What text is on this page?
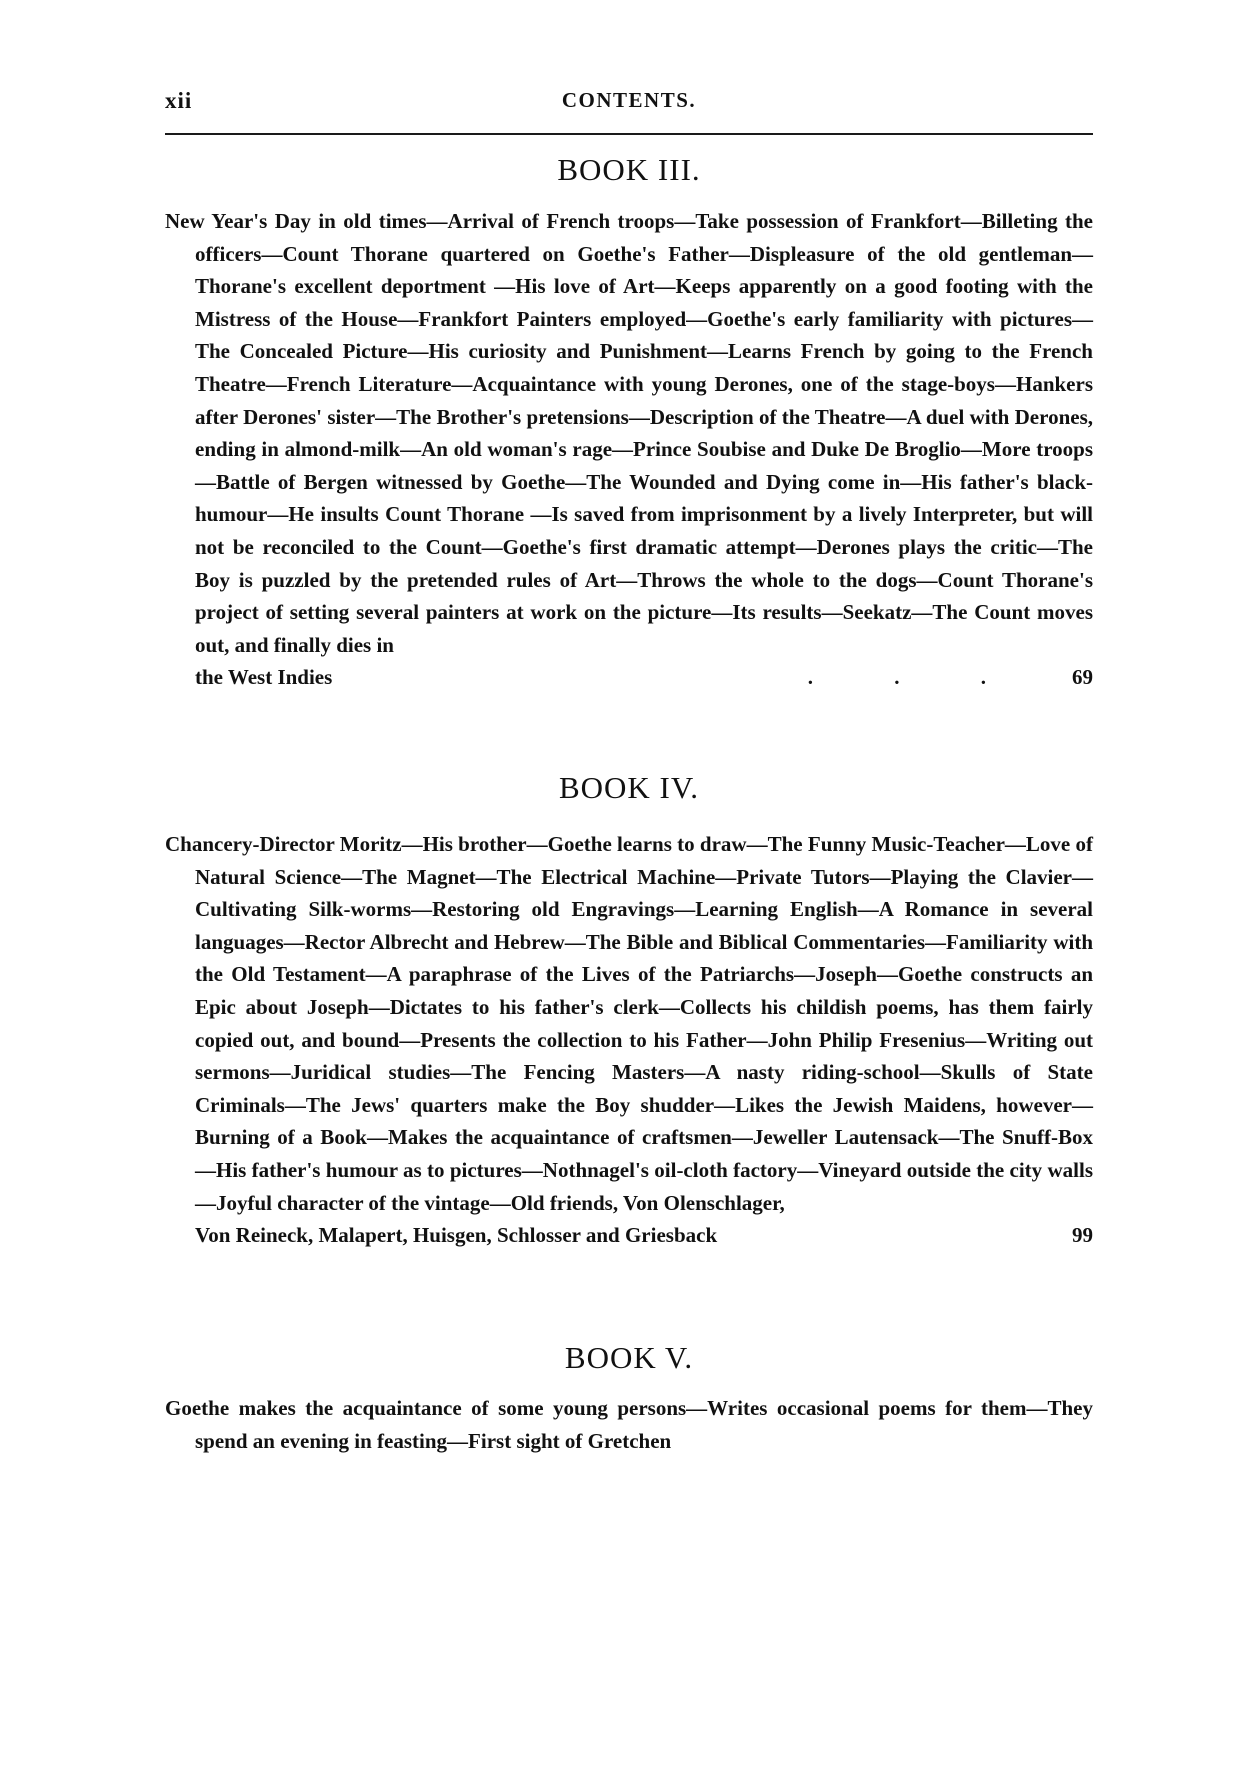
xii	CONTENTS.
BOOK III.
New Year's Day in old times—Arrival of French troops—Take possession of Frankfort—Billeting the officers—Count Thorane quartered on Goethe's Father—Displeasure of the old gentleman—Thorane's excellent deportment —His love of Art—Keeps apparently on a good footing with the Mistress of the House—Frankfort Painters employed—Goethe's early familiarity with pictures—The Concealed Picture—His curiosity and Punishment—Learns French by going to the French Theatre—French Literature—Acquaintance with young Derones, one of the stage-boys—Hankers after Derones' sister—The Brother's pretensions—Description of the Theatre—A duel with Derones, ending in almond-milk—An old woman's rage—Prince Soubise and Duke De Broglio—More troops—Battle of Bergen witnessed by Goethe—The Wounded and Dying come in—His father's black-humour—He insults Count Thorane —Is saved from imprisonment by a lively Interpreter, but will not be reconciled to the Count—Goethe's first dramatic attempt—Derones plays the critic—The Boy is puzzled by the pretended rules of Art—Throws the whole to the dogs—Count Thorane's project of setting several painters at work on the picture—Its results—Seekatz—The Count moves out, and finally dies in
the West Indies	. . . 69
BOOK IV.
Chancery-Director Moritz—His brother—Goethe learns to draw—The Funny Music-Teacher—Love of Natural Science—The Magnet—The Electrical Machine—Private Tutors—Playing the Clavier—Cultivating Silk-worms—Restoring old Engravings—Learning English—A Romance in several languages—Rector Albrecht and Hebrew—The Bible and Biblical Commentaries—Familiarity with the Old Testament—A paraphrase of the Lives of the Patriarchs—Joseph—Goethe constructs an Epic about Joseph—Dictates to his father's clerk—Collects his childish poems, has them fairly copied out, and bound—Presents the collection to his Father—John Philip Fresenius—Writing out sermons—Juridical studies—The Fencing Masters—A nasty riding-school—Skulls of State Criminals—The Jews' quarters make the Boy shudder—Likes the Jewish Maidens, however—Burning of a Book—Makes the acquaintance of craftsmen—Jeweller Lautensack—The Snuff-Box—His father's humour as to pictures—Nothnagel's oil-cloth factory—Vineyard outside the city walls—Joyful character of the vintage—Old friends, Von Olenschlager,
Von Reineck, Malapert, Huisgen, Schlosser and Griesback	99
BOOK V.
Goethe makes the acquaintance of some young persons—Writes occasional poems for them—They spend an evening in feasting—First sight of Gretchen
